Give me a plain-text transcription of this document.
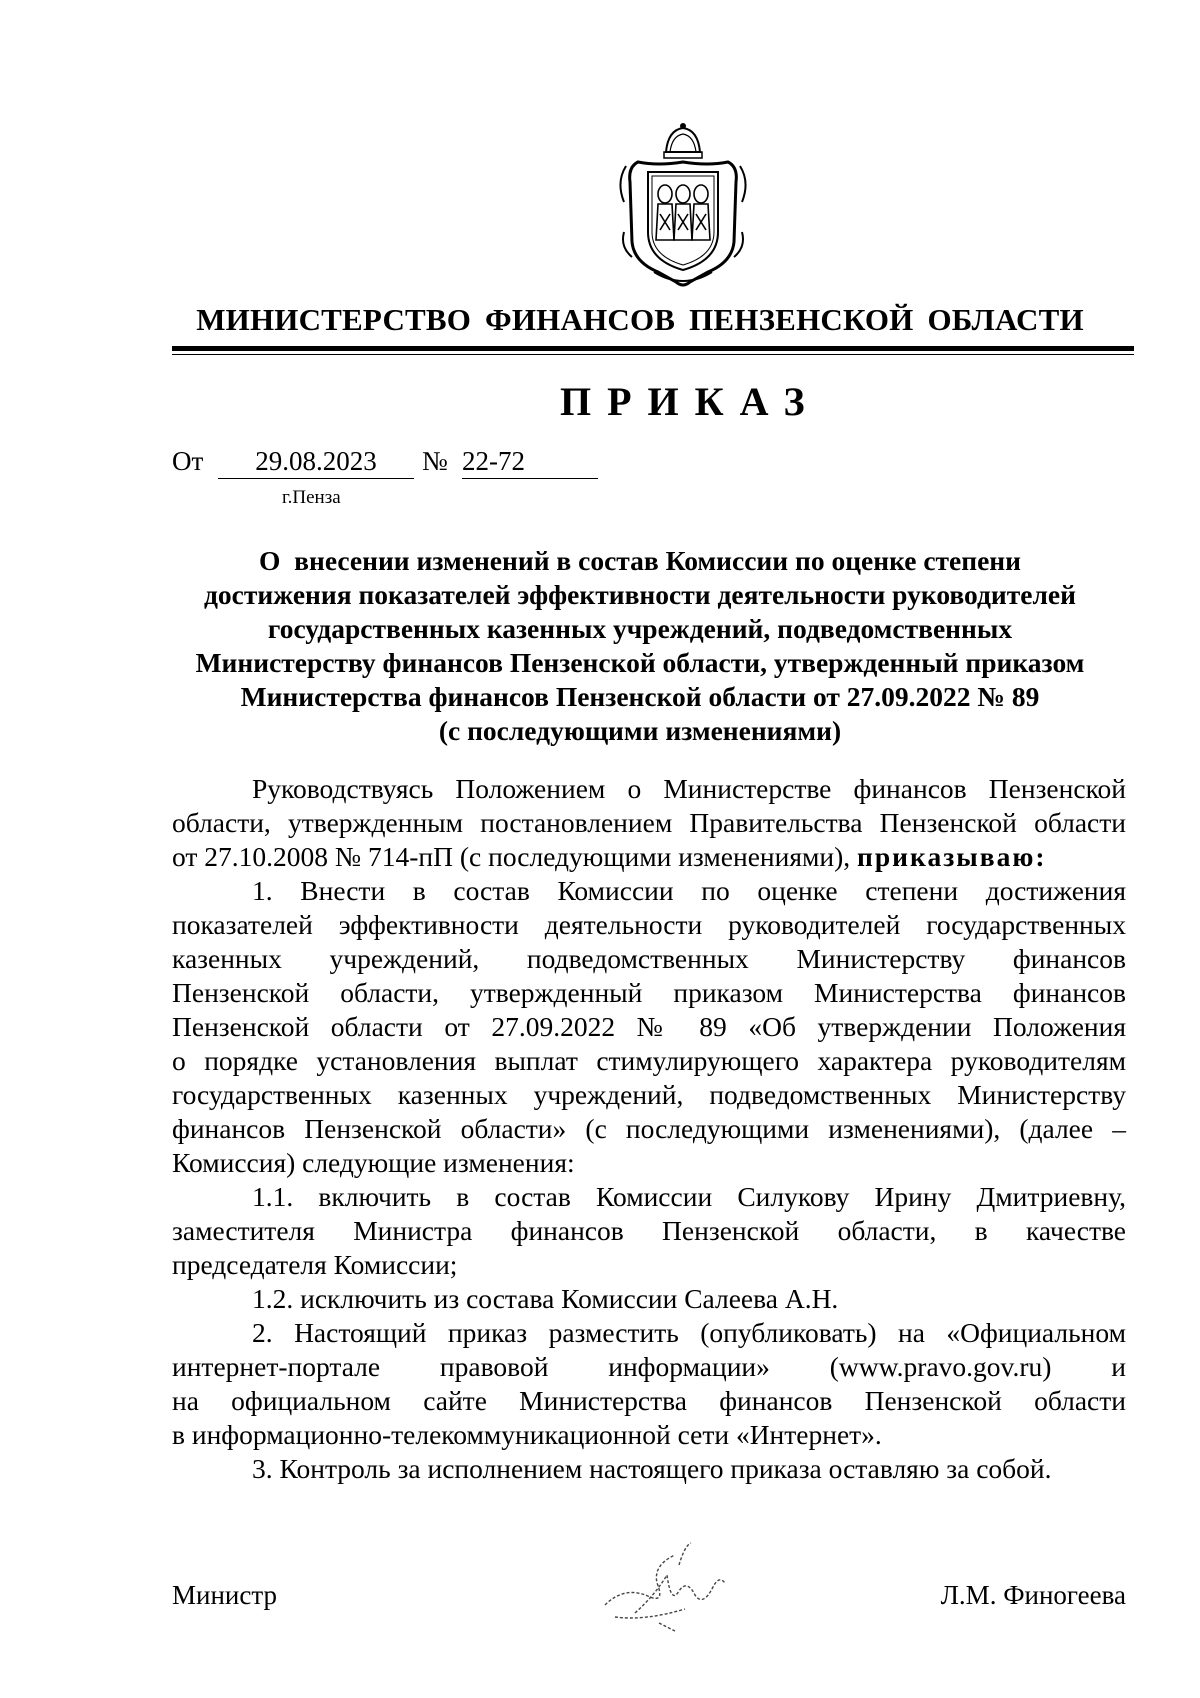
МИНИСТЕРСТВО ФИНАНСОВ ПЕНЗЕНСКОЙ ОБЛАСТИ
ПРИКАЗ
От	29.08.2023	№ 22-72
г.Пенза
О  внесении изменений в состав Комиссии по оценке степени
достижения показателей эффективности деятельности руководителей
государственных казенных учреждений, подведомственных
Министерству финансов Пензенской области, утвержденный приказом
Министерства финансов Пензенской области от 27.09.2022 № 89
(с последующими изменениями)
Руководствуясь Положением о Министерстве финансов Пензенской
области, утвержденным постановлением Правительства Пензенской области
от 27.10.2008 № 714-пП (с последующими изменениями), приказываю:
1. Внести в состав Комиссии по оценке степени достижения
показателей эффективности деятельности руководителей государственных
казенных учреждений, подведомственных Министерству финансов
Пензенской области, утвержденный приказом Министерства финансов
Пензенской области от 27.09.2022 № 89 «Об утверждении Положения
о порядке установления выплат стимулирующего характера руководителям
государственных казенных учреждений, подведомственных Министерству
финансов Пензенской области» (с последующими изменениями), (далее –
Комиссия) следующие изменения:
1.1. включить в состав Комиссии Силукову Ирину Дмитриевну,
заместителя Министра финансов Пензенской области, в качестве
председателя Комиссии;
1.2. исключить из состава Комиссии Салеева А.Н.
2. Настоящий приказ разместить (опубликовать) на «Официальном
интернет-портале правовой информации» (www.pravo.gov.ru) и
на официальном сайте Министерства финансов Пензенской области
в информационно-телекоммуникационной сети «Интернет».
3. Контроль за исполнением настоящего приказа оставляю за собой.
Министр	Л.М. Финогеева
